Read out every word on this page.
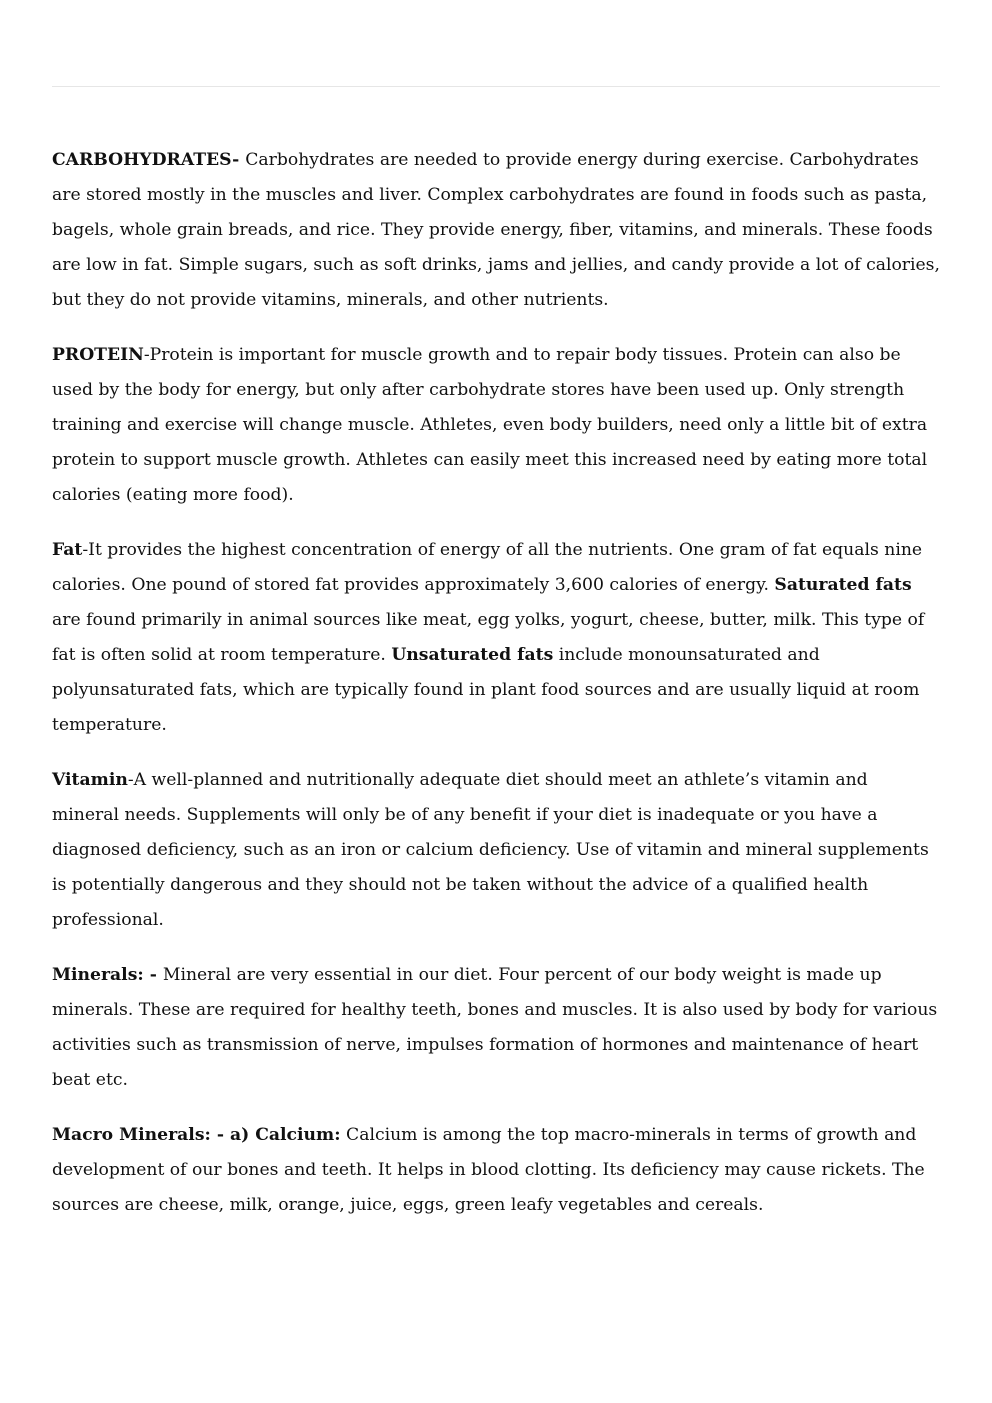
CARBOHYDRATES- Carbohydrates are needed to provide energy during exercise. Carbohydrates are stored mostly in the muscles and liver. Complex carbohydrates are found in foods such as pasta, bagels, whole grain breads, and rice. They provide energy, fiber, vitamins, and minerals. These foods are low in fat. Simple sugars, such as soft drinks, jams and jellies, and candy provide a lot of calories, but they do not provide vitamins, minerals, and other nutrients.

PROTEIN-Protein is important for muscle growth and to repair body tissues. Protein can also be used by the body for energy, but only after carbohydrate stores have been used up. Only strength training and exercise will change muscle. Athletes, even body builders, need only a little bit of extra protein to support muscle growth. Athletes can easily meet this increased need by eating more total calories (eating more food).

Fat-It provides the highest concentration of energy of all the nutrients. One gram of fat equals nine calories. One pound of stored fat provides approximately 3,600 calories of energy. Saturated fats are found primarily in animal sources like meat, egg yolks, yogurt, cheese, butter, milk. This type of fat is often solid at room temperature. Unsaturated fats include monounsaturated and polyunsaturated fats, which are typically found in plant food sources and are usually liquid at room temperature.

Vitamin-A well-planned and nutritionally adequate diet should meet an athlete’s vitamin and mineral needs. Supplements will only be of any benefit if your diet is inadequate or you have a diagnosed deficiency, such as an iron or calcium deficiency. Use of vitamin and mineral supplements is potentially dangerous and they should not be taken without the advice of a qualified health professional.

Minerals: - Mineral are very essential in our diet. Four percent of our body weight is made up minerals. These are required for healthy teeth, bones and muscles. It is also used by body for various activities such as transmission of nerve, impulses formation of hormones and maintenance of heart beat etc.

Macro Minerals: - a) Calcium: Calcium is among the top macro-minerals in terms of growth and development of our bones and teeth. It helps in blood clotting. Its deficiency may cause rickets. The sources are cheese, milk, orange, juice, eggs, green leafy vegetables and cereals.
